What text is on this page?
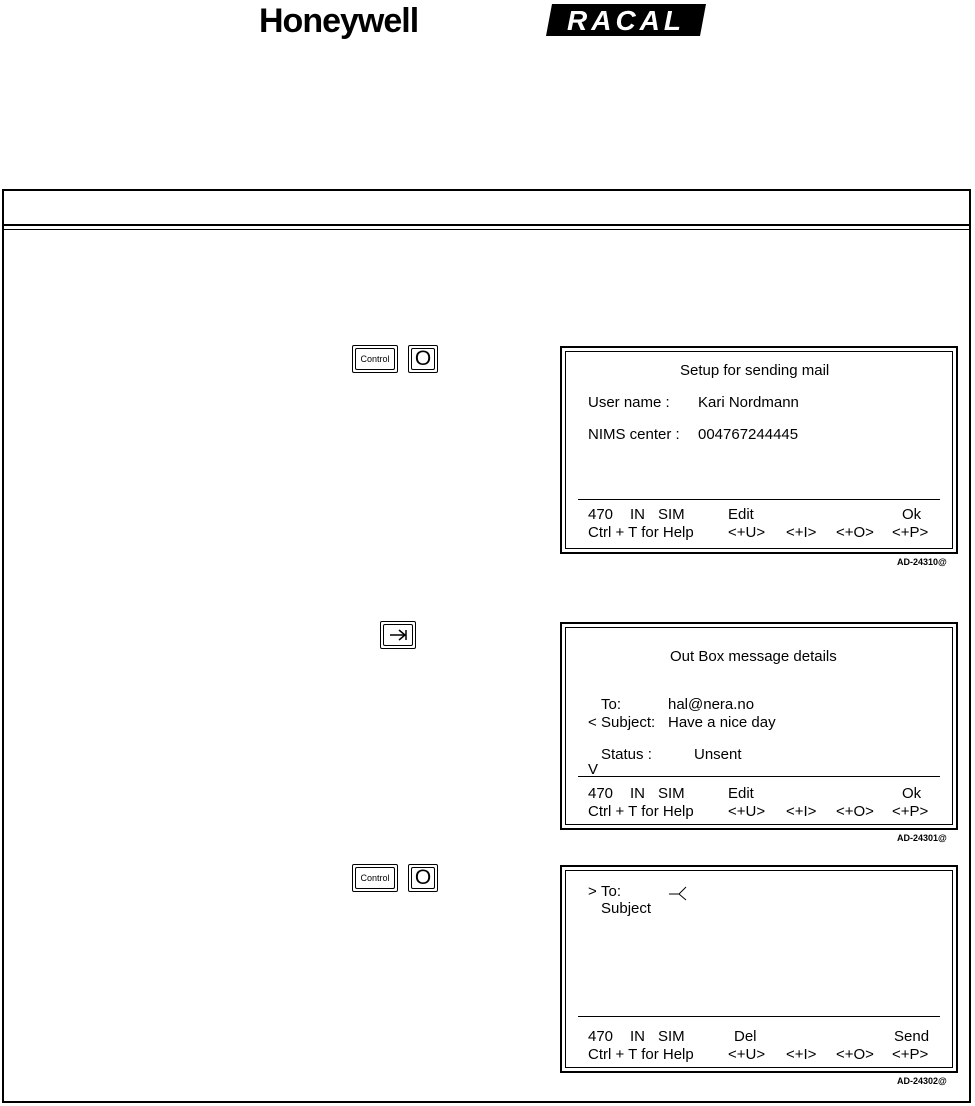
Honeywell	RACAL
Control O
Setup for sending mail
User name : Kari Nordmann
NIMS center : 004767244445
470 IN SIM	Edit	Ok
Ctrl + T for Help <+U> <+I> <+O> <+P>
AD-24310@
Out Box message details
To:	hal@nera.no
< Subject: Have a nice day
Status :	Unsent
V
470 IN SIM	Edit	Ok
Ctrl + T for Help <+U> <+I> <+O> <+P>
AD-24301@
Control O
> To:
Subject
470 IN SIM	Del	Send
Ctrl + T for Help <+U> <+I> <+O> <+P>
AD-24302@
